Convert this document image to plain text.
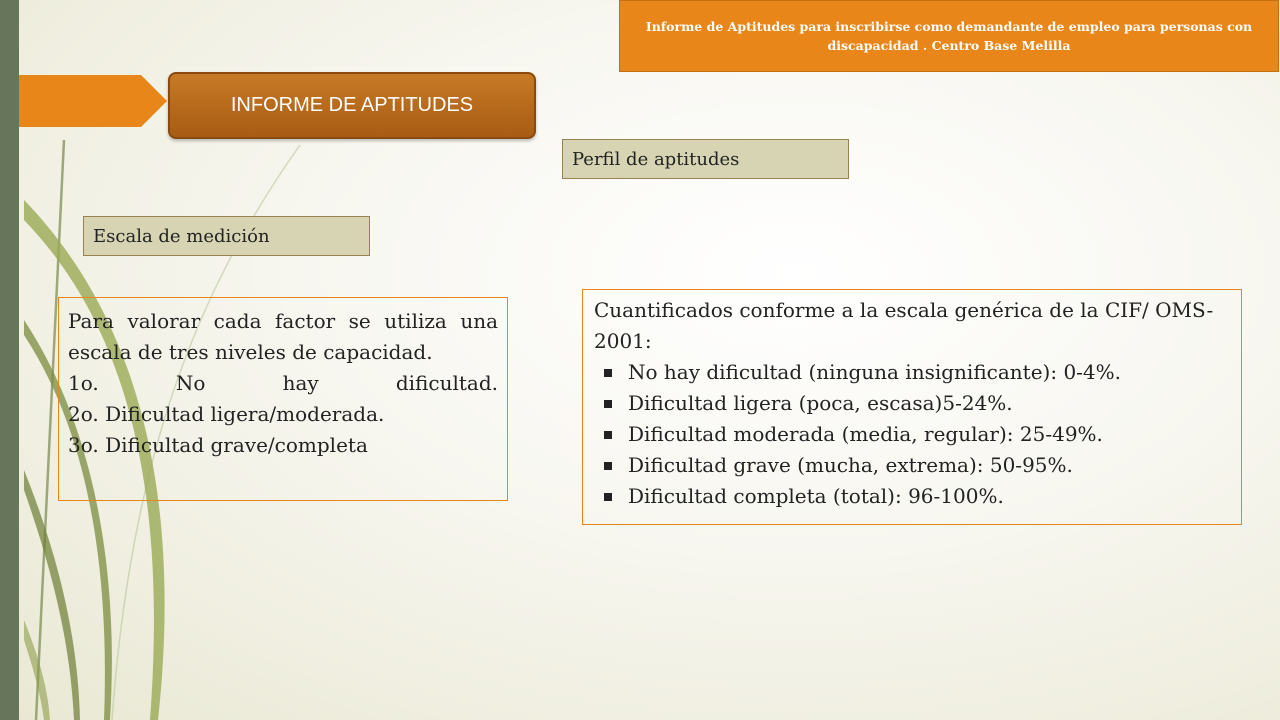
Informe de Aptitudes para inscribirse como demandante de empleo para personas con discapacidad . Centro Base Melilla
INFORME DE APTITUDES
Perfil de aptitudes
Escala de medición

Para valorar cada factor se utiliza una escala de tres niveles de capacidad.

1o. No hay dificultad.

2o. Dificultad ligera/moderada.

3o. Dificultad grave/completa

Cuantificados conforme a la escala genérica de la CIF/ OMS-2001:

No hay dificultad (ninguna insignificante): 0-4%.
Dificultad ligera (poca, escasa)5-24%.
Dificultad moderada (media, regular): 25-49%.
Dificultad grave (mucha, extrema): 50-95%.
Dificultad completa (total): 96-100%.
